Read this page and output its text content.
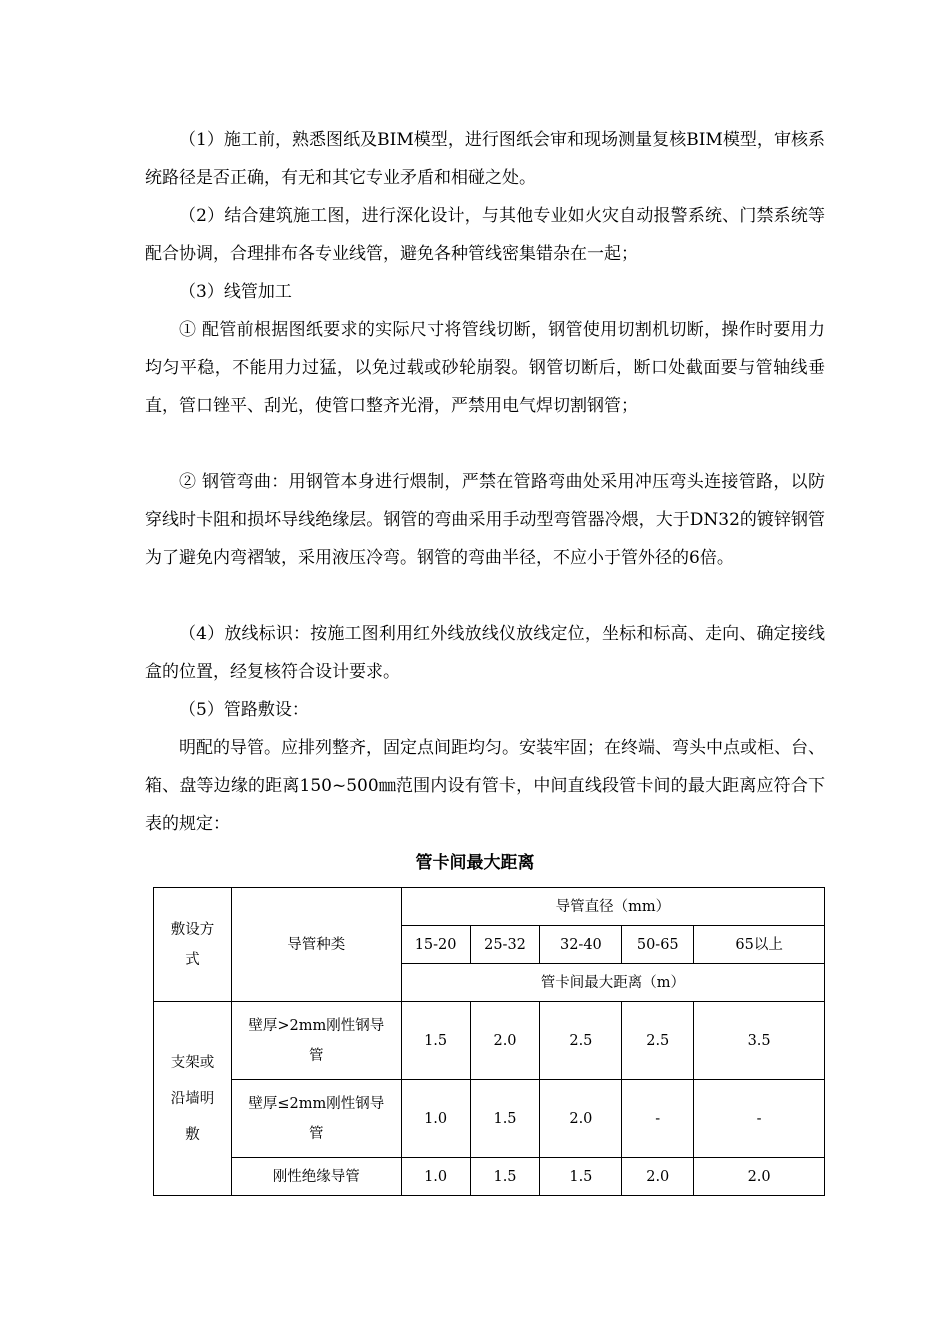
（1）施工前，熟悉图纸及BIM模型，进行图纸会审和现场测量复核BIM模型，审核系统路径是否正确，有无和其它专业矛盾和相碰之处。

（2）结合建筑施工图，进行深化设计，与其他专业如火灾自动报警系统、门禁系统等配合协调，合理排布各专业线管，避免各种管线密集错杂在一起；

（3）线管加工

① 配管前根据图纸要求的实际尺寸将管线切断，钢管使用切割机切断，操作时要用力均匀平稳，不能用力过猛，以免过载或砂轮崩裂。钢管切断后，断口处截面要与管轴线垂直，管口锉平、刮光，使管口整齐光滑，严禁用电气焊切割钢管；

② 钢管弯曲：用钢管本身进行煨制，严禁在管路弯曲处采用冲压弯头连接管路，以防穿线时卡阻和损坏导线绝缘层。钢管的弯曲采用手动型弯管器冷煨，大于DN32的镀锌钢管为了避免内弯褶皱，采用液压冷弯。钢管的弯曲半径，不应小于管外径的6倍。

（4）放线标识：按施工图利用红外线放线仪放线定位，坐标和标高、走向、确定接线盒的位置，经复核符合设计要求。

（5）管路敷设：

明配的导管。应排列整齐，固定点间距均匀。安装牢固；在终端、弯头中点或柜、台、箱、盘等边缘的距离150~500㎜范围内设有管卡，中间直线段管卡间的最大距离应符合下表的规定：

管卡间最大距离
敷设方式	导管种类	导管直径（mm）				
		15-20	25-32	32-40	50-65	65以上
		管卡间最大距离（m）				
支架或沿墙明敷	壁厚>2mm刚性钢导管	1.5	2.0	2.5	2.5	3.5
	壁厚≤2mm刚性钢导管	1.0	1.5	2.0	-	-
	刚性绝缘导管	1.0	1.5	1.5	2.0	2.0
